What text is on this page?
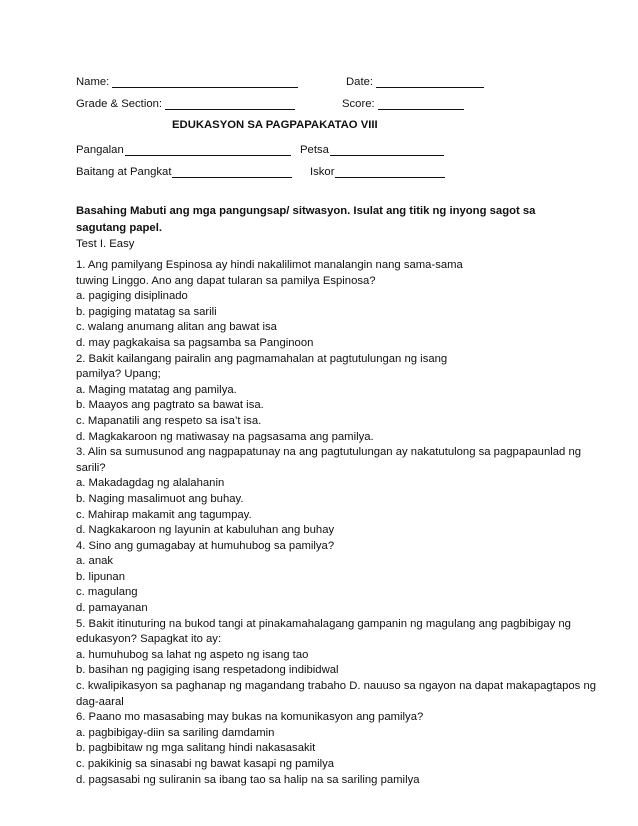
Name:	Date:
Grade & Section:	Score:
EDUKASYON SA PAGPAPAKATAO VIII
Pangalan	Petsa
Baitang at Pangkat	Iskor
Basahing Mabuti ang mga pangungsap/ sitwasyon. Isulat ang titik ng inyong sagot sa sagutang papel.
Test I. Easy
1. Ang pamilyang Espinosa ay hindi nakalilimot manalangin nang sama-sama
tuwing Linggo. Ano ang dapat tularan sa pamilya Espinosa?
a. pagiging disiplinado
b. pagiging matatag sa sarili
c. walang anumang alitan ang bawat isa
d. may pagkakaisa sa pagsamba sa Panginoon
2. Bakit kailangang pairalin ang pagmamahalan at pagtutulungan ng isang
pamilya? Upang;
a. Maging matatag ang pamilya.
b. Maayos ang pagtrato sa bawat isa.
c. Mapanatili ang respeto sa isa’t isa.
d. Magkakaroon ng matiwasay na pagsasama ang pamilya.
3. Alin sa sumusunod ang nagpapatunay na ang pagtutulungan ay nakatutulong sa pagpapaunlad ng
sarili?
a. Makadagdag ng alalahanin
b. Naging masalimuot ang buhay.
c. Mahirap makamit ang tagumpay.
d. Nagkakaroon ng layunin at kabuluhan ang buhay
4. Sino ang gumagabay at humuhubog sa pamilya?
a. anak
b. lipunan
c. magulang
d. pamayanan
5. Bakit itinuturing na bukod tangi at pinakamahalagang gampanin ng magulang ang pagbibigay ng
edukasyon? Sapagkat ito ay:
a. humuhubog sa lahat ng aspeto ng isang tao
b. basihan ng pagiging isang respetadong indibidwal
c. kwalipikasyon sa paghanap ng magandang trabaho D. nauuso sa ngayon na dapat makapagtapos ng
dag-aaral
6. Paano mo masasabing may bukas na komunikasyon ang pamilya?
a. pagbibigay-diin sa sariling damdamin
b. pagbibitaw ng mga salitang hindi nakasasakit
c. pakikinig sa sinasabi ng bawat kasapi ng pamilya
d. pagsasabi ng suliranin sa ibang tao sa halip na sa sariling pamilya
